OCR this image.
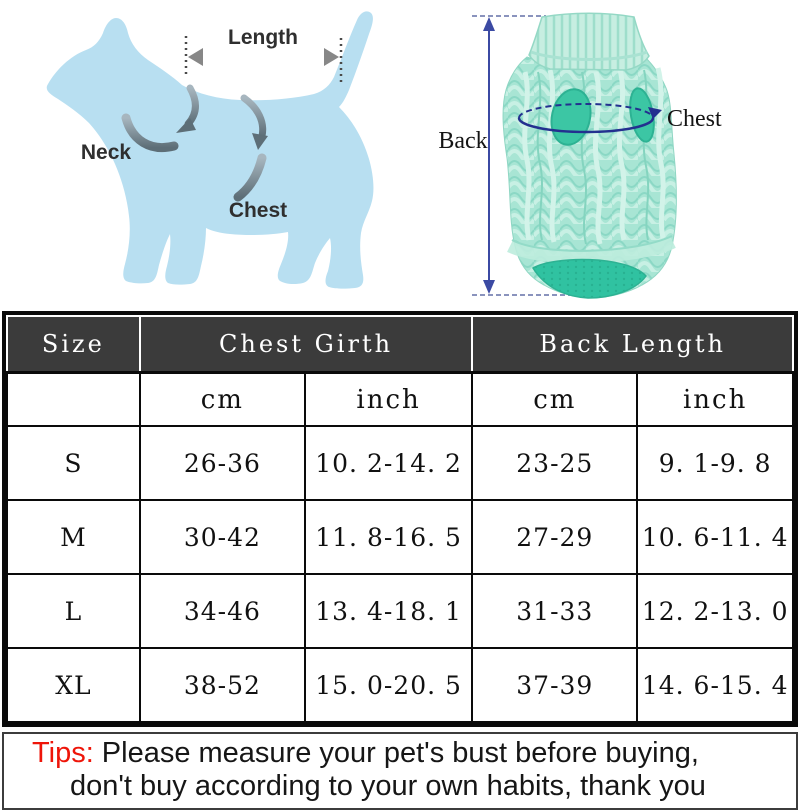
Length
Neck
Chest
Back
Chest
Size	Chest Girth		Back Length	
	cm	inch	cm	inch
S	26-36	10. 2-14. 2	23-25	9. 1-9. 8
M	30-42	11. 8-16. 5	27-29	10. 6-11. 4
L	34-46	13. 4-18. 1	31-33	12. 2-13. 0
XL	38-52	15. 0-20. 5	37-39	14. 6-15. 4
Tips: Please measure your pet's bust before buying,
don't buy according to your own habits, thank you
